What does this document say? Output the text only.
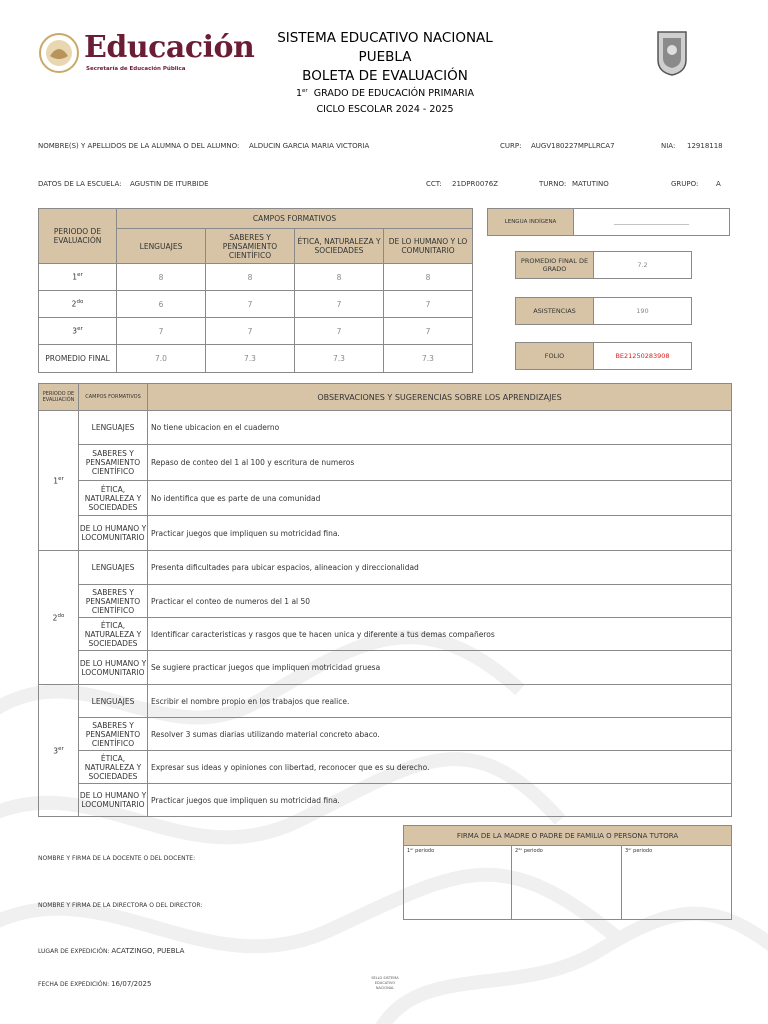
Educación
Secretaría de Educación Pública
SISTEMA EDUCATIVO NACIONAL
PUEBLA
BOLETA DE EVALUACIÓN
1er GRADO DE EDUCACIÓN PRIMARIA
CICLO ESCOLAR 2024 - 2025
NOMBRE(S) Y APELLIDOS DE LA ALUMNA O DEL ALUMNO: ALDUCIN GARCIA MARIA VICTORIA	CURP: AUGV180227MPLLRCA7	NIA: 12918118
DATOS DE LA ESCUELA: AGUSTIN DE ITURBIDE	CCT: 21DPR0076Z	TURNO: MATUTINO	GRUPO:	A
PERIODO DE EVALUACIÓN	CAMPOS FORMATIVOS			
	LENGUAJES	SABERES Y PENSAMIENTO CIENTÍFICO	ÉTICA, NATURALEZA Y SOCIEDADES	DE LO HUMANO Y LO COMUNITARIO
1er	8	8	8	8
$2^{do}$	6	7	7	7
3er	7	7	7	7
PROMEDIO FINAL	7.0	7.3	7.3	7.3
LENGUA INDÍGENA	______________________________
PROMEDIO FINAL DE GRADO	7.2
ASISTENCIAS	190
FOLIO	BE21250283908
PERIODO DE EVALUACIÓN	CAMPOS FORMATIVOS	OBSERVACIONES Y SUGERENCIAS SOBRE LOS APRENDIZAJES
1er	LENGUAJES	No tiene ubicacion en el cuaderno
	SABERES Y PENSAMIENTO CIENTÍFICO	Repaso de conteo del 1 al 100 y escritura de numeros
	ÉTICA, NATURALEZA Y SOCIEDADES	No identifica que es parte de una comunidad
	DE LO HUMANO Y LOCOMUNITARIO	Practicar juegos que impliquen su motricidad fina.
$2^{do}$	LENGUAJES	Presenta dificultades para ubicar espacios, alineacion y direccionalidad
	SABERES Y PENSAMIENTO CIENTÍFICO	Practicar el conteo de numeros del 1 al 50
	ÉTICA, NATURALEZA Y SOCIEDADES	Identificar caracteristicas y rasgos que te hacen unica y diferente a tus demas compañeros
	DE LO HUMANO Y LOCOMUNITARIO	Se sugiere practicar juegos que impliquen motricidad gruesa
3er	LENGUAJES	Escribir el nombre propio en los trabajos que realice.
	SABERES Y PENSAMIENTO CIENTÍFICO	Resolver 3 sumas diarias utilizando material concreto abaco.
	ÉTICA, NATURALEZA Y SOCIEDADES	Expresar sus ideas y opiniones con libertad, reconocer que es su derecho.
	DE LO HUMANO Y LOCOMUNITARIO	Practicar juegos que impliquen su motricidad fina.
FIRMA DE LA MADRE O PADRE DE FAMILIA O PERSONA TUTORA
1ᵉʳ periodo	2ᵈᵒ periodo	3ᵉʳ periodo
NOMBRE Y FIRMA DE LA DOCENTE O DEL DOCENTE:
NOMBRE Y FIRMA DE LA DIRECTORA O DEL DIRECTOR:
LUGAR DE EXPEDICIÓN: ACATZINGO, PUEBLA
FECHA DE EXPEDICIÓN: 16/07/2025
SELLO SISTEMA EDUCATIVO NACIONAL
